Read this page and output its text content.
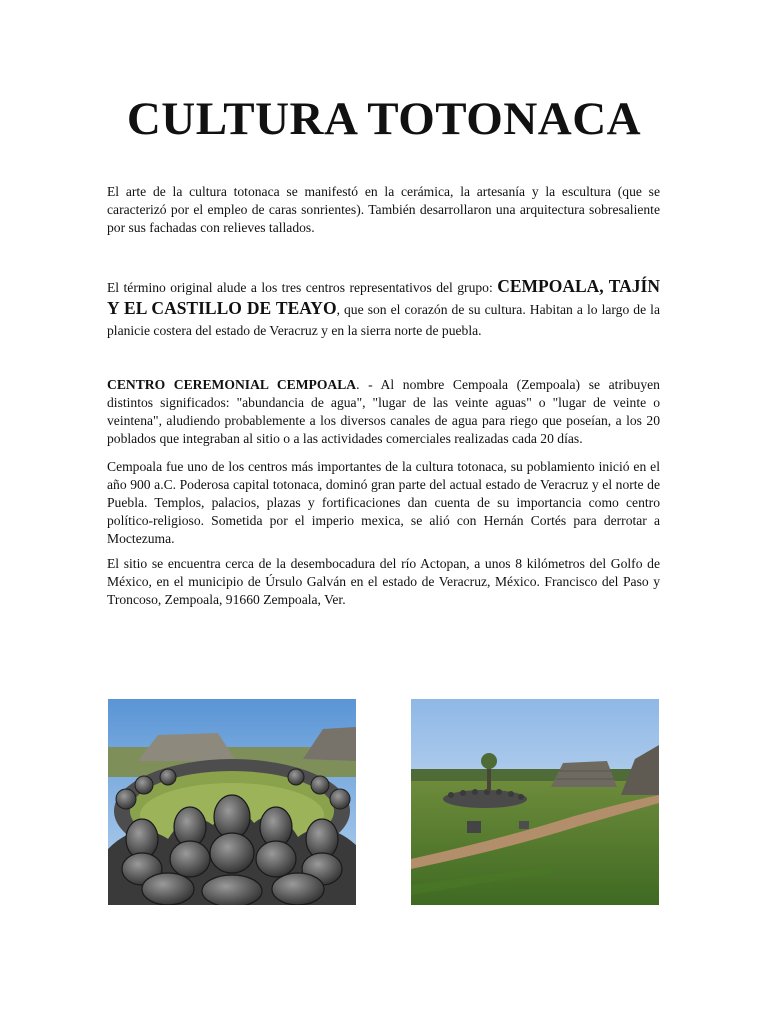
CULTURA TOTONACA

El arte de la cultura totonaca se manifestó en la cerámica, la artesanía y la escultura (que se caracterizó por el empleo de caras sonrientes). También desarrollaron una arquitectura sobresaliente por sus fachadas con relieves tallados.

El término original alude a los tres centros representativos del grupo: CEMPOALA, TAJÍN Y EL CASTILLO DE TEAYO, que son el corazón de su cultura. Habitan a lo largo de la planicie costera del estado de Veracruz y en la sierra norte de puebla.

CENTRO CEREMONIAL CEMPOALA. - Al nombre Cempoala (Zempoala) se atribuyen distintos significados: "abundancia de agua", "lugar de las veinte aguas" o "lugar de veinte o veintena", aludiendo probablemente a los diversos canales de agua para riego que poseían, a los 20 poblados que integraban al sitio o a las actividades comerciales realizadas cada 20 días.

Cempoala fue uno de los centros más importantes de la cultura totonaca, su poblamiento inició en el año 900 a.C. Poderosa capital totonaca, dominó gran parte del actual estado de Veracruz y el norte de Puebla. Templos, palacios, plazas y fortificaciones dan cuenta de su importancia como centro político-religioso. Sometida por el imperio mexica, se alió con Hernán Cortés para derrotar a Moctezuma.

El sitio se encuentra cerca de la desembocadura del río Actopan, a unos 8 kilómetros del Golfo de México, en el municipio de Úrsulo Galván en el estado de Veracruz, México. Francisco del Paso y Troncoso, Zempoala, 91660 Zempoala, Ver.
